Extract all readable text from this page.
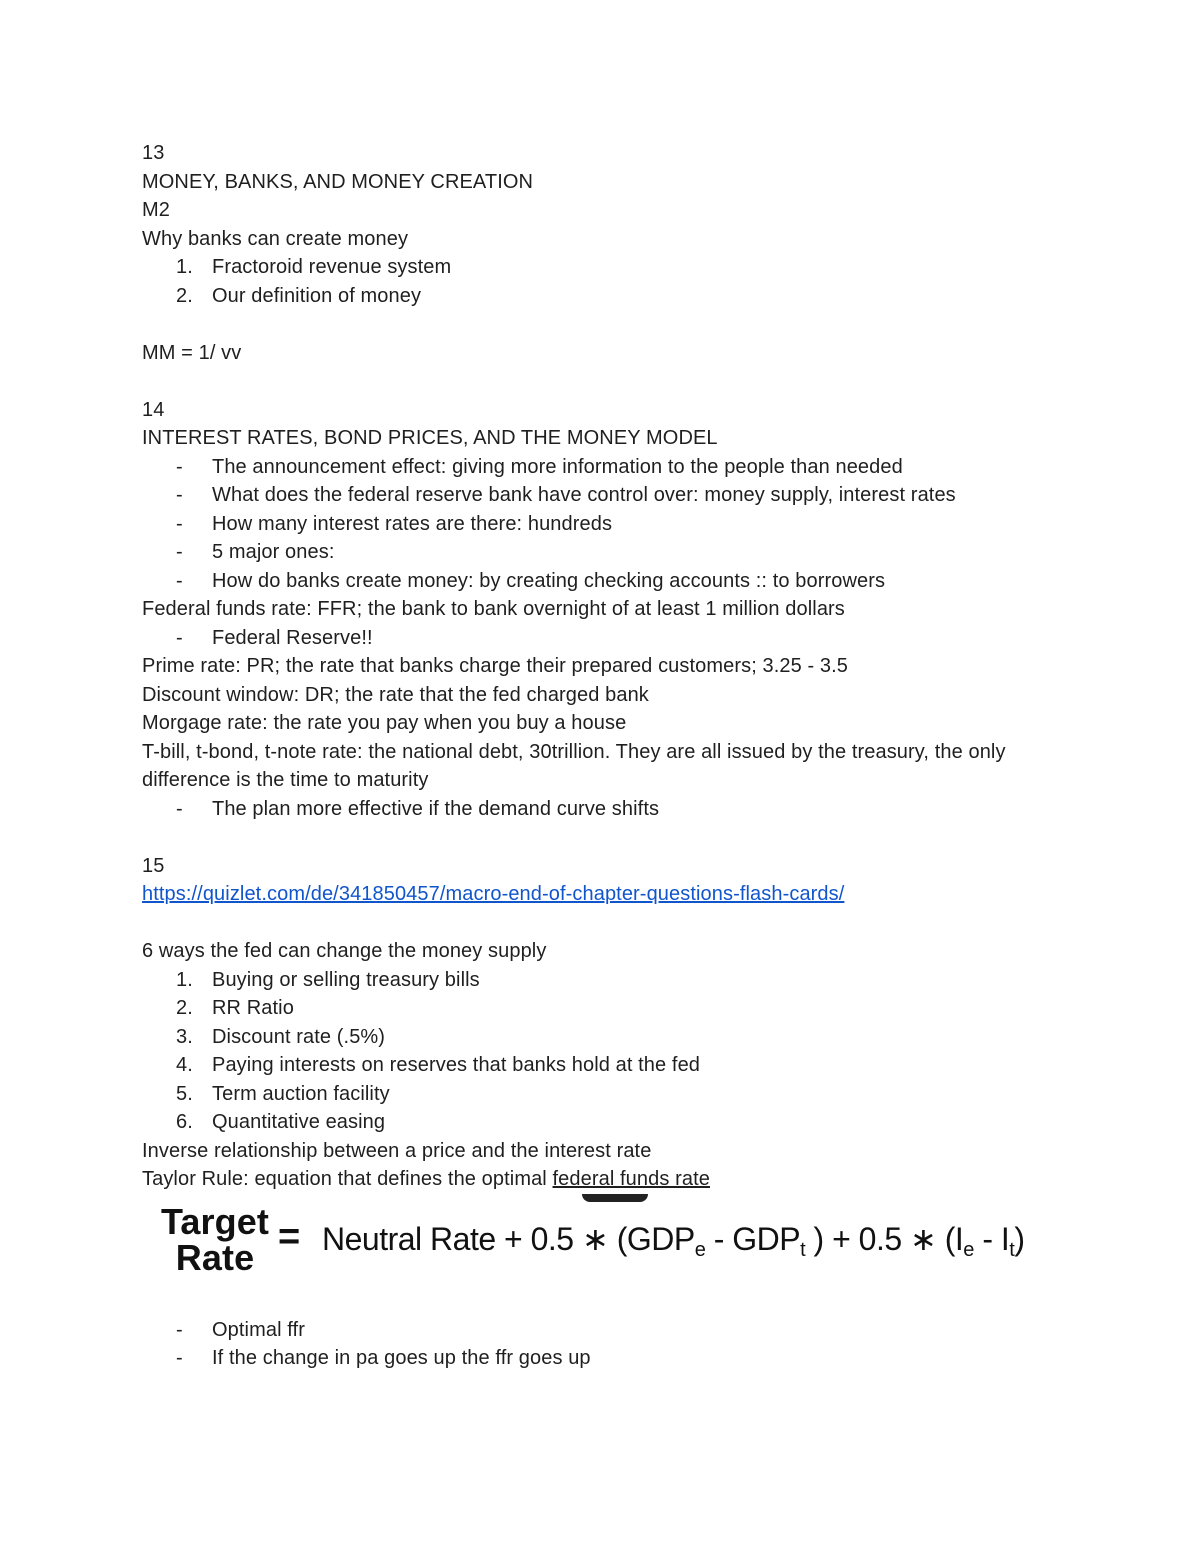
13
MONEY, BANKS, AND MONEY CREATION
M2
Why banks can create money
1. Fractoroid revenue system
2. Our definition of money
MM = 1/ vv
14
INTEREST RATES, BOND PRICES, AND THE MONEY MODEL
-	The announcement effect: giving more information to the people than needed
-	What does the federal reserve bank have control over: money supply, interest rates
-	How many interest rates are there: hundreds
-	5 major ones:
-	How do banks create money: by creating checking accounts :: to borrowers
Federal funds rate: FFR; the bank to bank overnight of at least 1 million dollars
-	Federal Reserve!!
Prime rate: PR; the rate that banks charge their prepared customers; 3.25 - 3.5
Discount window: DR; the rate that the fed charged bank
Morgage rate: the rate you pay when you buy a house
T-bill, t-bond, t-note rate: the national debt, 30trillion. They are all issued by the treasury, the only difference is the time to maturity
-	The plan more effective if the demand curve shifts
15
https://quizlet.com/de/341850457/macro-end-of-chapter-questions-flash-cards/
6 ways the fed can change the money supply
1. Buying or selling treasury bills
2. RR Ratio
3. Discount rate (.5%)
4. Paying interests on reserves that banks hold at the fed
5. Term auction facility
6. Quantitative easing
Inverse relationship between a price and the interest rate
Taylor Rule: equation that defines the optimal federal funds rate
Target
Rate = Neutral Rate + 0.5 ∗ ($GDP_e - GDP_t$ ) + 0.5 ∗ $(I_e - I_t)$
-	Optimal ffr
-	If the change in pa goes up the ffr goes up
